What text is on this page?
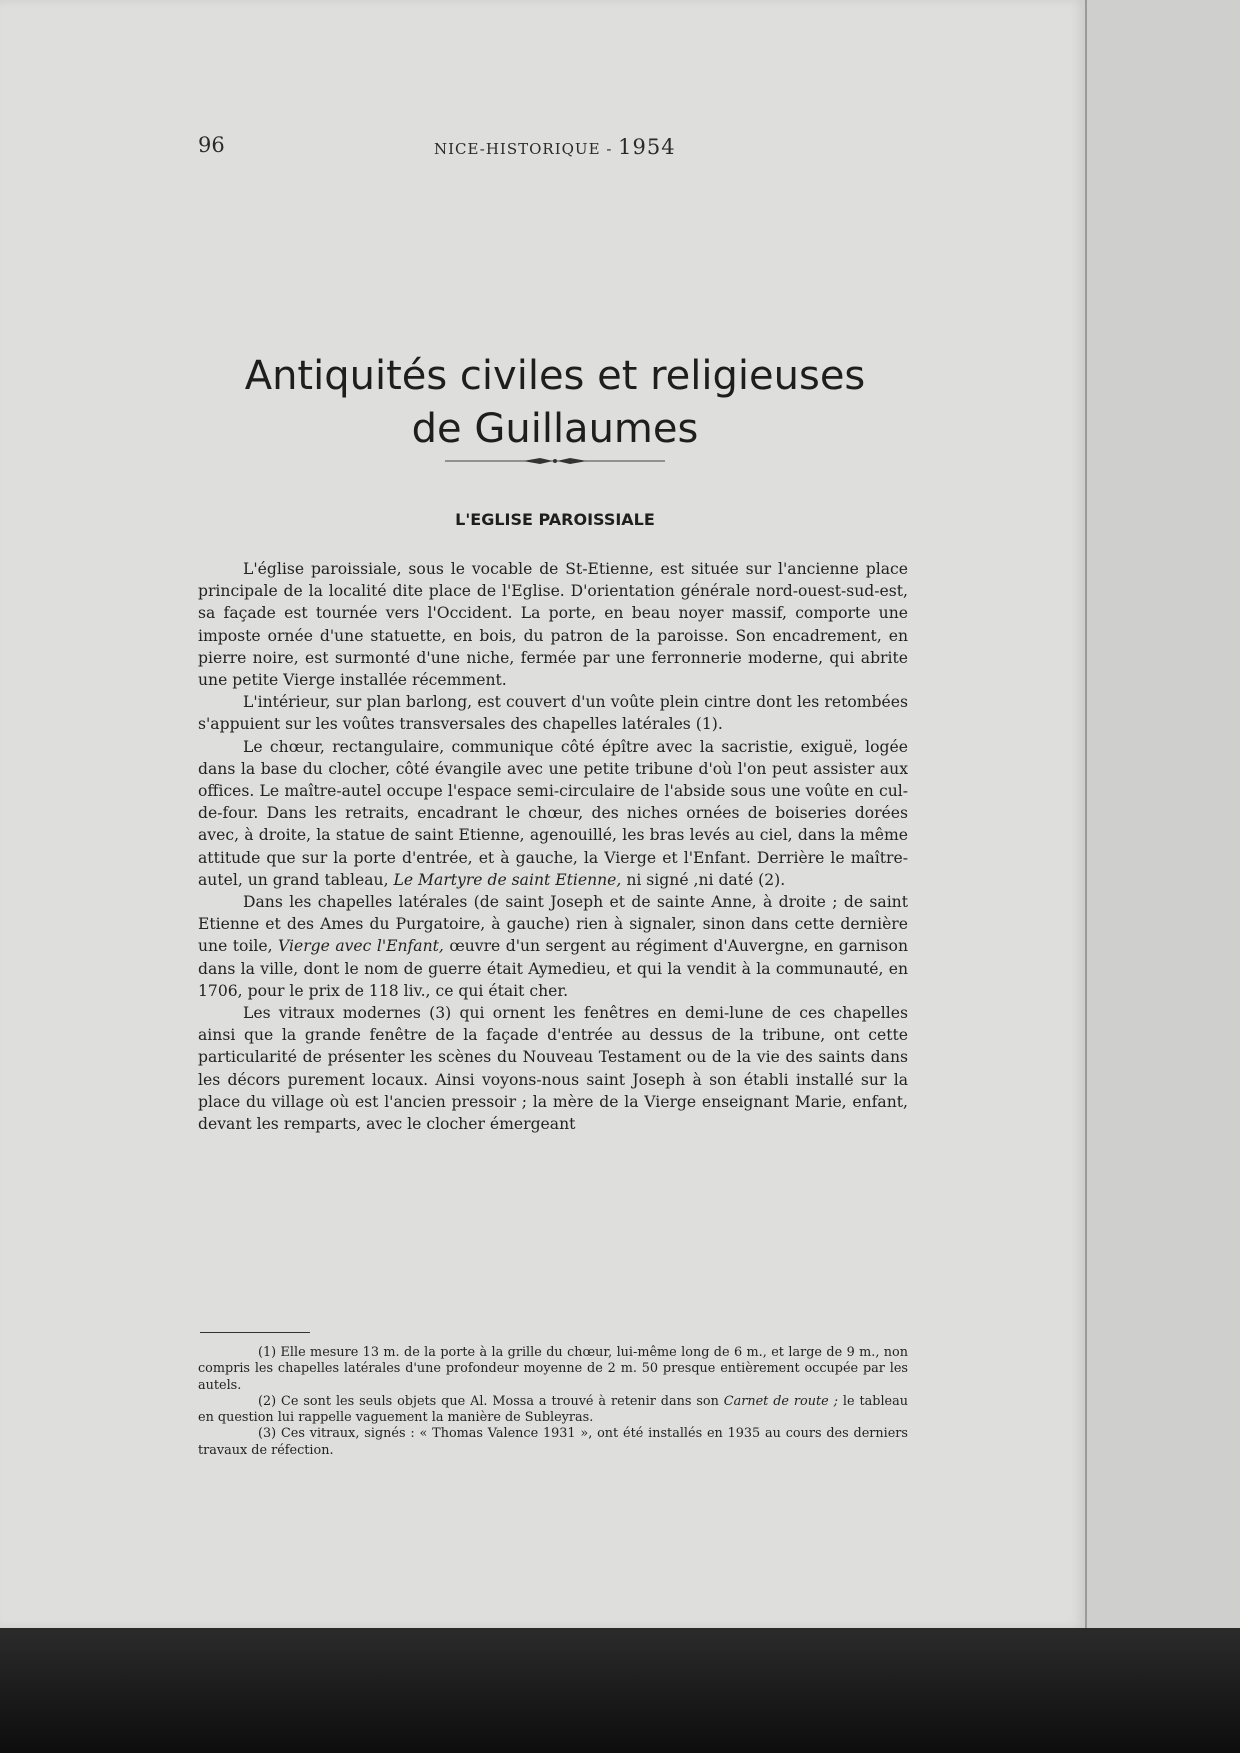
96	NICE-HISTORIQUE - 1954
Antiquités civiles et religieuses
de Guillaumes
L'EGLISE PAROISSIALE

L'église paroissiale, sous le vocable de St-Etienne, est située sur l'ancienne place principale de la localité dite place de l'Eglise. D'orientation générale nord-ouest-sud-est, sa façade est tournée vers l'Occident. La porte, en beau noyer massif, comporte une imposte ornée d'une statuette, en bois, du patron de la paroisse. Son encadrement, en pierre noire, est surmonté d'une niche, fermée par une ferronnerie moderne, qui abrite une petite Vierge installée récemment.

L'intérieur, sur plan barlong, est couvert d'un voûte plein cintre dont les retombées s'appuient sur les voûtes transversales des chapelles latérales (1).

Le chœur, rectangulaire, communique côté épître avec la sacristie, exiguë, logée dans la base du clocher, côté évangile avec une petite tribune d'où l'on peut assister aux offices. Le maître-autel occupe l'espace semi-circulaire de l'abside sous une voûte en cul-de-four. Dans les retraits, encadrant le chœur, des niches ornées de boiseries dorées avec, à droite, la statue de saint Etienne, agenouillé, les bras levés au ciel, dans la même attitude que sur la porte d'entrée, et à gauche, la Vierge et l'Enfant. Derrière le maître-autel, un grand tableau, Le Martyre de saint Etienne, ni signé ,ni daté (2).

Dans les chapelles latérales (de saint Joseph et de sainte Anne, à droite ; de saint Etienne et des Ames du Purgatoire, à gauche) rien à signaler, sinon dans cette dernière une toile, Vierge avec l'Enfant, œuvre d'un sergent au régiment d'Auvergne, en garnison dans la ville, dont le nom de guerre était Aymedieu, et qui la vendit à la communauté, en 1706, pour le prix de 118 liv., ce qui était cher.

Les vitraux modernes (3) qui ornent les fenêtres en demi-lune de ces chapelles ainsi que la grande fenêtre de la façade d'entrée au dessus de la tribune, ont cette particularité de présenter les scènes du Nouveau Testament ou de la vie des saints dans les décors purement locaux. Ainsi voyons-nous saint Joseph à son établi installé sur la place du village où est l'ancien pressoir ; la mère de la Vierge enseignant Marie, enfant, devant les remparts, avec le clocher émergeant

(1) Elle mesure 13 m. de la porte à la grille du chœur, lui-même long de 6 m., et large de 9 m., non compris les chapelles latérales d'une profondeur moyenne de 2 m. 50 presque entièrement occupée par les autels.

(2) Ce sont les seuls objets que Al. Mossa a trouvé à retenir dans son Carnet de route ; le tableau en question lui rappelle vaguement la manière de Subleyras.

(3) Ces vitraux, signés : « Thomas Valence 1931 », ont été installés en 1935 au cours des derniers travaux de réfection.
